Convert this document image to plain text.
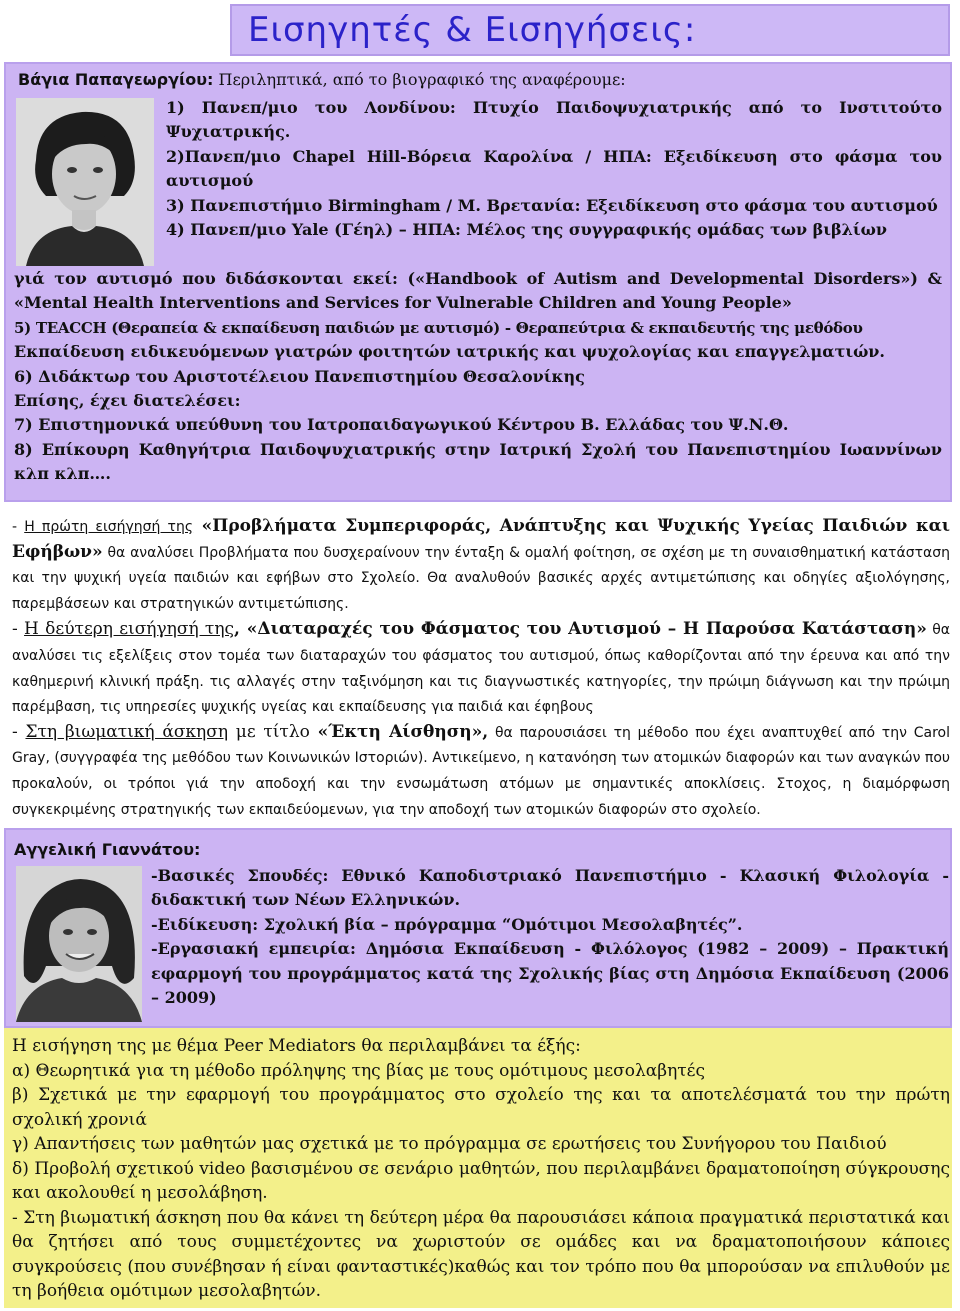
Εισηγητές & Εισηγήσεις:
Βάγια Παπαγεωργίου: Περιληπτικά, από το βιογραφικό της αναφέρουμε:
1) Πανεπ/μιο του Λονδίνου: Πτυχίο Παιδοψυχιατρικής από το Ινστιτούτο Ψυχιατρικής.
2)Πανεπ/μιο Chapel Hill-Βόρεια Καρολίνα / ΗΠΑ: Εξειδίκευση στο φάσμα του αυτισμού
3) Πανεπιστήμιο Birmingham / Μ. Βρετανία: Εξειδίκευση στο φάσμα του αυτισμού
4) Πανεπ/μιο Yale (Γέηλ) – ΗΠΑ: Μέλος της συγγραφικής ομάδας των βιβλίων
γιά τον αυτισμό που διδάσκονται εκεί: («Handbook of Autism and Developmental Disorders») & «Mental Health Interventions and Services for Vulnerable Children and Young People»
5) TEACCH (Θεραπεία & εκπαίδευση παιδιών με αυτισμό) - Θεραπεύτρια & εκπαιδευτής της μεθόδου
Εκπαίδευση ειδικευόμενων γιατρών φοιτητών ιατρικής και ψυχολογίας και επαγγελματιών.
6) Διδάκτωρ του Αριστοτέλειου Πανεπιστημίου Θεσαλονίκης
Επίσης, έχει διατελέσει:
7) Επιστημονικά υπεύθυνη του Ιατροπαιδαγωγικού Κέντρου Β. Ελλάδας του Ψ.Ν.Θ.
8) Επίκουρη Καθηγήτρια Παιδοψυχιατρικής στην Ιατρική Σχολή του Πανεπιστημίου Ιωαννίνων κλπ κλπ….
- Η πρώτη εισήγησή της «Προβλήματα Συμπεριφοράς, Ανάπτυξης και Ψυχικής Υγείας Παιδιών και Εφήβων» θα αναλύσει Προβλήματα που δυσχεραίνουν την ένταξη & ομαλή φοίτηση, σε σχέση με τη συναισθηματική κατάσταση και την ψυχική υγεία παιδιών και εφήβων στο Σχολείο. Θα αναλυθούν βασικές αρχές αντιμετώπισης και οδηγίες αξιολόγησης, παρεμβάσεων και στρατηγικών αντιμετώπισης.
- Η δεύτερη εισήγησή της, «Διαταραχές του Φάσματος του Αυτισμού – Η Παρούσα Κατάσταση» θα αναλύσει τις εξελίξεις στον τομέα των διαταραχών του φάσματος του αυτισμού, όπως καθορίζονται από την έρευνα και από την καθημερινή κλινική πράξη. τις αλλαγές στην ταξινόμηση και τις διαγνωστικές κατηγορίες, την πρώιμη διάγνωση και την πρώιμη παρέμβαση, τις υπηρεσίες ψυχικής υγείας και εκπαίδευσης για παιδιά και έφηβους
- Στη βιωματική άσκηση με τίτλο «Έκτη Αίσθηση», θα παρουσιάσει τη μέθοδο που έχει αναπτυχθεί από την Carol Gray, (συγγραφέα της μεθόδου των Κοινωνικών Ιστοριών). Αντικείμενο, η κατανόηση των ατομικών διαφορών και των αναγκών που προκαλούν, οι τρόποι γιά την αποδοχή και την ενσωμάτωση ατόμων με σημαντικές αποκλίσεις. Στοχος, η διαμόρφωση συγκεκριμένης στρατηγικής των εκπαιδεύομενων, για την αποδοχή των ατομικών διαφορών στο σχολείο.
Αγγελική Γιαννάτου:
-Βασικές Σπουδές: Εθνικό Καποδιστριακό Πανεπιστήμιο - Κλασική Φιλολογία - διδακτική των Νέων Ελληνικών.
-Ειδίκευση: Σχολική βία – πρόγραμμα “Ομότιμοι Μεσολαβητές”.
-Εργασιακή εμπειρία: Δημόσια Εκπαίδευση - Φιλόλογος (1982 – 2009) – Πρακτική εφαρμογή του προγράμματος κατά της Σχολικής βίας στη Δημόσια Εκπαίδευση (2006 – 2009)
Η εισήγηση της με θέμα Peer Mediators θα περιλαμβάνει τα έξής:
α) Θεωρητικά για τη μέθοδο πρόληψης της βίας με τους ομότιμους μεσολαβητές
β) Σχετικά με την εφαρμογή του προγράμματος στο σχολείο της και τα αποτελέσματά του την πρώτη σχολική χρονιά
γ) Απαντήσεις των μαθητών μας σχετικά με το πρόγραμμα σε ερωτήσεις του Συνήγορου του Παιδιού
δ) Προβολή σχετικού video βασισμένου σε σενάριο μαθητών, που περιλαμβάνει δραματοποίηση σύγκρουσης και ακολουθεί η μεσολάβηση.
- Στη βιωματική άσκηση που θα κάνει τη δεύτερη μέρα θα παρουσιάσει κάποια πραγματικά περιστατικά και θα ζητήσει από τους συμμετέχοντες να χωριστούν σε ομάδες και να δραματοποιήσουν κάποιες συγκρούσεις (που συνέβησαν ή είναι φανταστικές)καθώς και τον τρόπο που θα μπορούσαν να επιλυθούν με τη βοήθεια ομότιμων μεσολαβητών.
